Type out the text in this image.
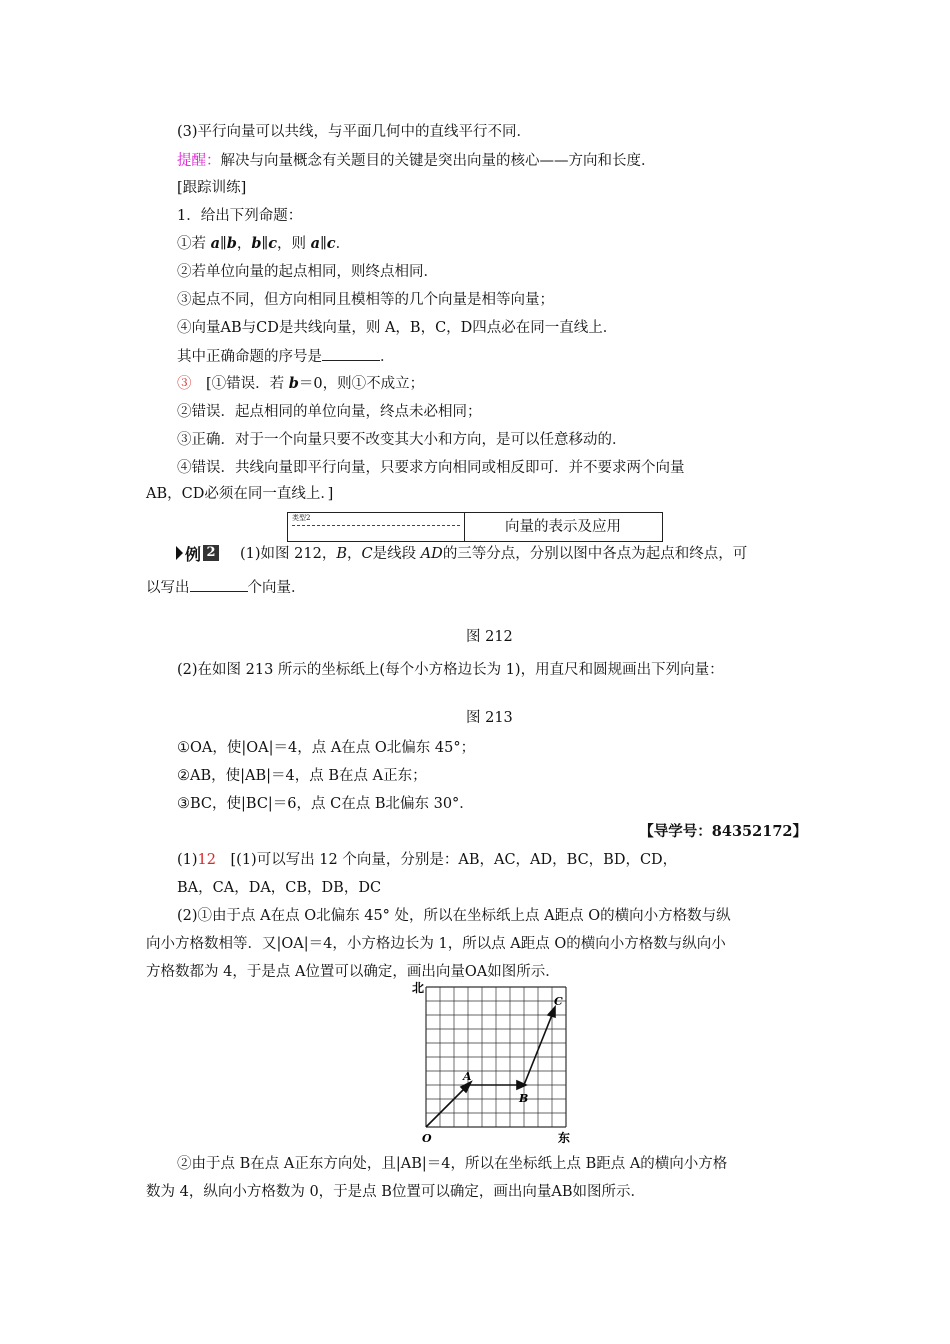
(3)平行向量可以共线，与平面几何中的直线平行不同．
提醒：解决与向量概念有关题目的关键是突出向量的核心——方向和长度．
[跟踪训练]
1．给出下列命题：
①若 a∥b，b∥c，则 a∥c．
②若单位向量的起点相同，则终点相同．
③起点不同，但方向相同且模相等的几个向量是相等向量；
④向量AB与CD是共线向量，则 A，B，C，D四点必在同一直线上．
其中正确命题的序号是	．
③　[①错误．若 b＝0，则①不成立；
②错误．起点相同的单位向量，终点未必相同；
③正确．对于一个向量只要不改变其大小和方向，是可以任意移动的．
④错误．共线向量即平行向量，只要求方向相同或相反即可．并不要求两个向量
AB，CD必须在同一直线上．]
类型2
向量的表示及应用
例 2 (1)如图 212，B，C是线段 AD的三等分点，分别以图中各点为起点和终点，可
以写出	个向量．
图 212
(2)在如图 213 所示的坐标纸上(每个小方格边长为 1)，用直尺和圆规画出下列向量：
图 213
①OA，使|OA|＝4，点 A在点 O北偏东 45°；
②AB，使|AB|＝4，点 B在点 A正东；
③BC，使|BC|＝6，点 C在点 B北偏东 30°．
【导学号：84352172】
(1)12　[(1)可以写出 12 个向量，分别是：AB，AC，AD，BC，BD，CD，
BA，CA，DA，CB，DB，DC
(2)①由于点 A在点 O北偏东 45° 处，所以在坐标纸上点 A距点 O的横向小方格数与纵
向小方格数相等．又|OA|＝4，小方格边长为 1，所以点 A距点 O的横向小方格数与纵向小
方格数都为 4，于是点 A位置可以确定，画出向量OA如图所示．
北
东
O
A
B
C
②由于点 B在点 A正东方向处，且|AB|＝4，所以在坐标纸上点 B距点 A的横向小方格
数为 4，纵向小方格数为 0，于是点 B位置可以确定，画出向量AB如图所示．
